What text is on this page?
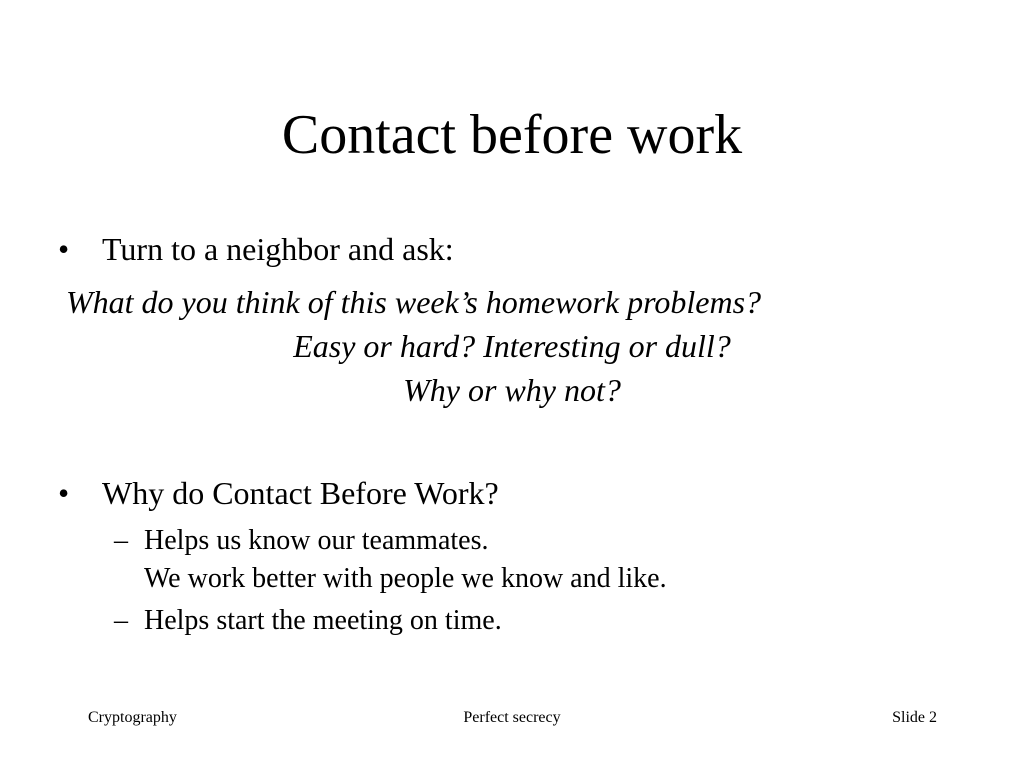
Contact before work
• Turn to a neighbor and ask:
What do you think of this week’s homework problems?
Easy or hard? Interesting or dull?
Why or why not?
• Why do Contact Before Work?
– Helps us know our teammates.
We work better with people we know and like.
– Helps start the meeting on time.
Cryptography	Perfect secrecy	Slide 2
